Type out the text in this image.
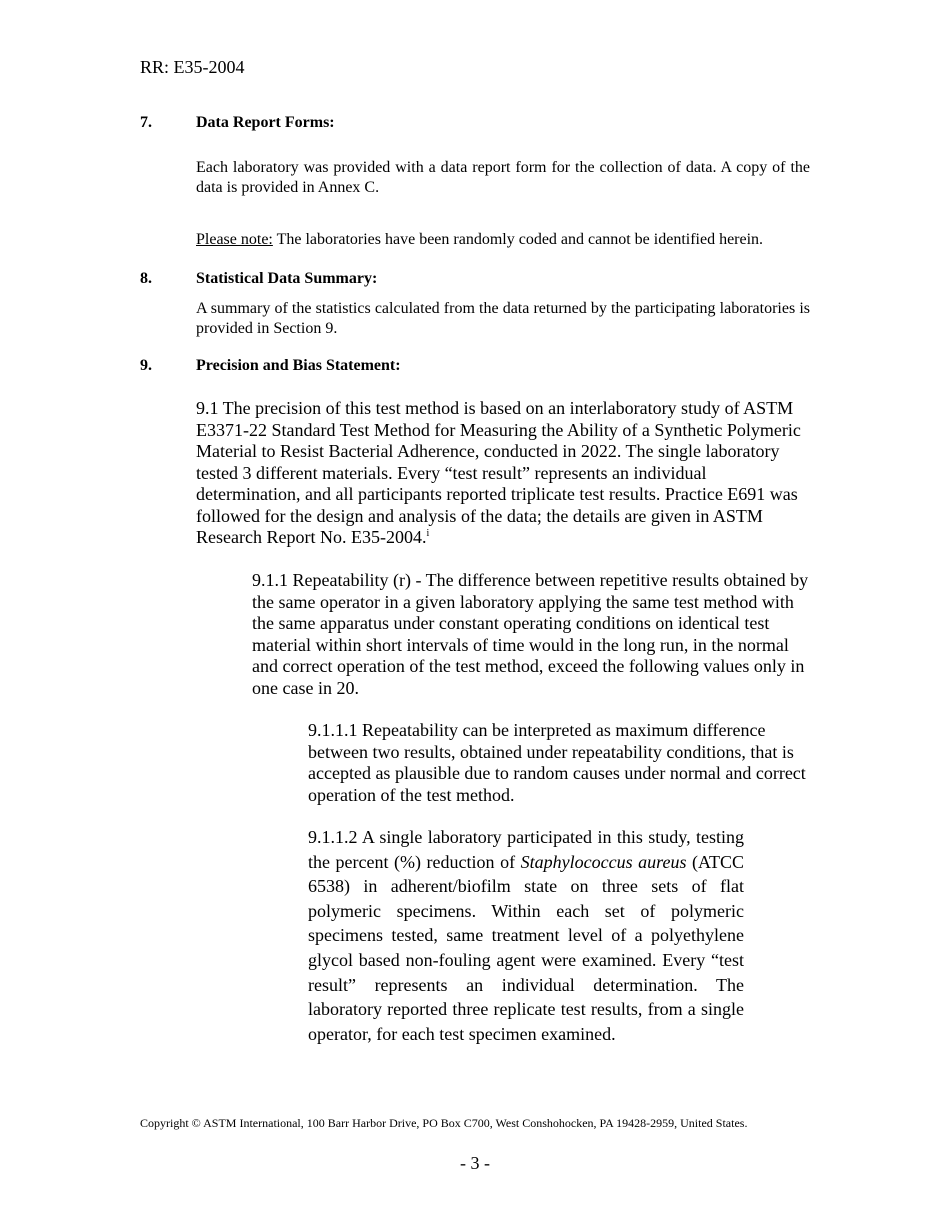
RR: E35-2004
7.	Data Report Forms:
Each laboratory was provided with a data report form for the collection of data. A copy of the data is provided in Annex C.
Please note: The laboratories have been randomly coded and cannot be identified herein.
8.	Statistical Data Summary:
A summary of the statistics calculated from the data returned by the participating laboratories is provided in Section 9.
9.	Precision and Bias Statement:
9.1 The precision of this test method is based on an interlaboratory study of ASTM E3371-22 Standard Test Method for Measuring the Ability of a Synthetic Polymeric Material to Resist Bacterial Adherence, conducted in 2022. The single laboratory tested 3 different materials. Every “test result” represents an individual determination, and all participants reported triplicate test results. Practice E691 was followed for the design and analysis of the data; the details are given in ASTM Research Report No. E35-2004.$^i$
9.1.1 Repeatability (r) - The difference between repetitive results obtained by the same operator in a given laboratory applying the same test method with the same apparatus under constant operating conditions on identical test material within short intervals of time would in the long run, in the normal and correct operation of the test method, exceed the following values only in one case in 20.
9.1.1.1 Repeatability can be interpreted as maximum difference between two results, obtained under repeatability conditions, that is accepted as plausible due to random causes under normal and correct operation of the test method.
9.1.1.2 A single laboratory participated in this study, testing the percent (%) reduction of Staphylococcus aureus (ATCC 6538) in adherent/biofilm state on three sets of flat polymeric specimens. Within each set of polymeric specimens tested, same treatment level of a polyethylene glycol based non-fouling agent were examined. Every “test result” represents an individual determination. The laboratory reported three replicate test results, from a single operator, for each test specimen examined.
Copyright © ASTM International, 100 Barr Harbor Drive, PO Box C700, West Conshohocken, PA 19428-2959, United States.
- 3 -
